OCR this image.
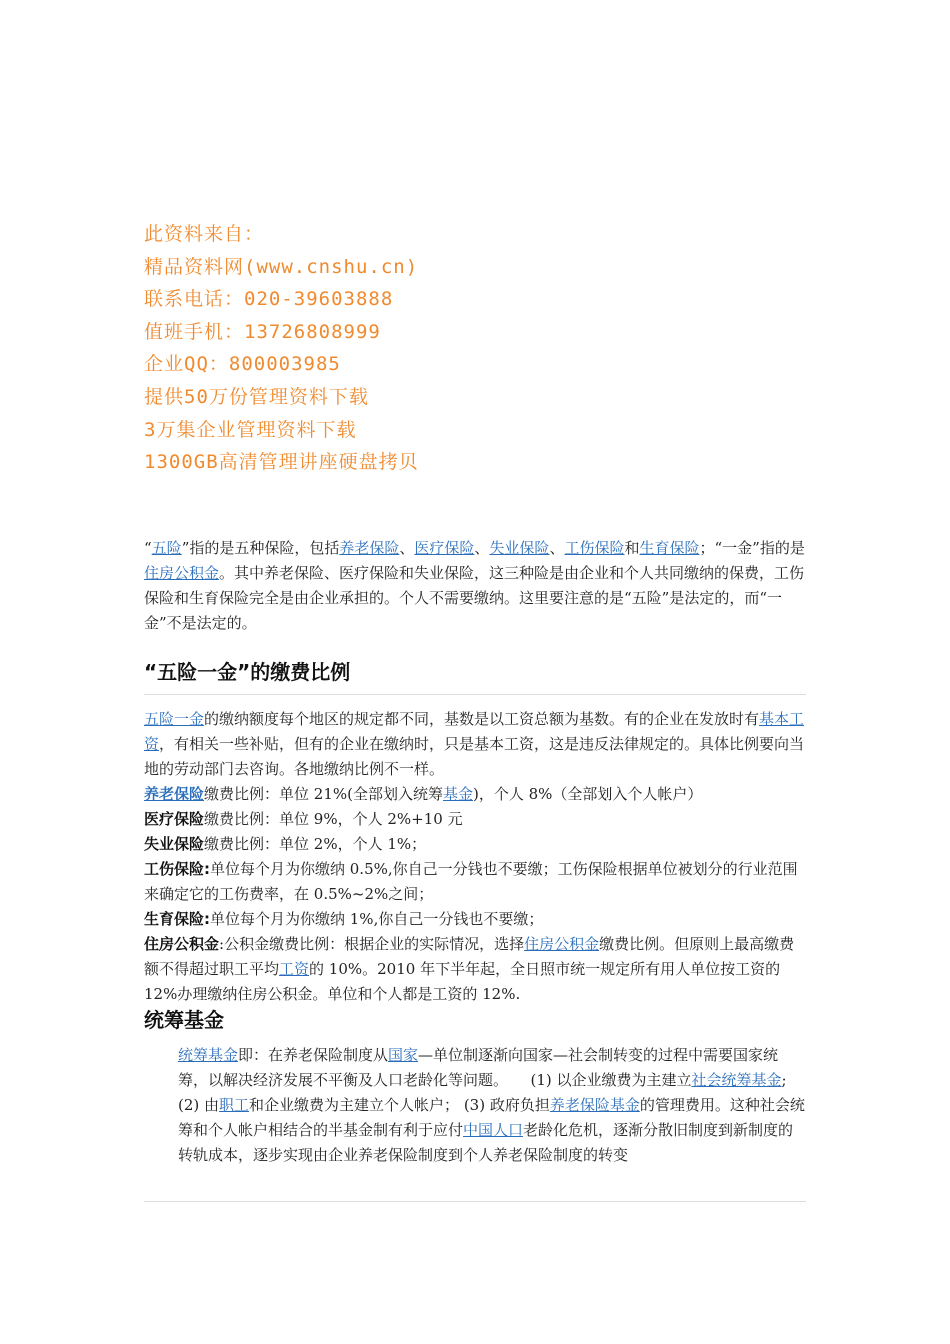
此资料来自：
精品资料网(www.cnshu.cn)
联系电话：020-39603888
值班手机：13726808999
企业QQ：800003985
提供50万份管理资料下载
3万集企业管理资料下载
1300GB高清管理讲座硬盘拷贝

“五险”指的是五种保险，包括养老保险、医疗保险、失业保险、工伤保险和生育保险；“一金”指的是住房公积金。其中养老保险、医疗保险和失业保险，这三种险是由企业和个人共同缴纳的保费，工伤保险和生育保险完全是由企业承担的。个人不需要缴纳。这里要注意的是“五险”是法定的，而“一金”不是法定的。

“五险一金”的缴费比例

五险一金的缴纳额度每个地区的规定都不同，基数是以工资总额为基数。有的企业在发放时有基本工资，有相关一些补贴，但有的企业在缴纳时，只是基本工资，这是违反法律规定的。具体比例要向当地的劳动部门去咨询。各地缴纳比例不一样。

养老保险缴费比例：单位 21%(全部划入统筹基金)，个人 8%（全部划入个人帐户）

医疗保险缴费比例：单位 9%，个人 2%+10 元

失业保险缴费比例：单位 2%，个人 1%；

工伤保险:单位每个月为你缴纳 0.5%,你自己一分钱也不要缴；工伤保险根据单位被划分的行业范围来确定它的工伤费率，在 0.5%~2%之间；

生育保险:单位每个月为你缴纳 1%,你自己一分钱也不要缴；

住房公积金:公积金缴费比例：根据企业的实际情况，选择住房公积金缴费比例。但原则上最高缴费额不得超过职工平均工资的 10%。2010 年下半年起，全日照市统一规定所有用人单位按工资的 12%办理缴纳住房公积金。单位和个人都是工资的 12%.

统筹基金

统筹基金即：在养老保险制度从国家—单位制逐渐向国家—社会制转变的过程中需要国家统筹，以解决经济发展不平衡及人口老龄化等问题。　　(1) 以企业缴费为主建立社会统筹基金; (2) 由职工和企业缴费为主建立个人帐户； (3) 政府负担养老保险基金的管理费用。这种社会统筹和个人帐户相结合的半基金制有利于应付中国人口老龄化危机，逐渐分散旧制度到新制度的转轨成本，逐步实现由企业养老保险制度到个人养老保险制度的转变
